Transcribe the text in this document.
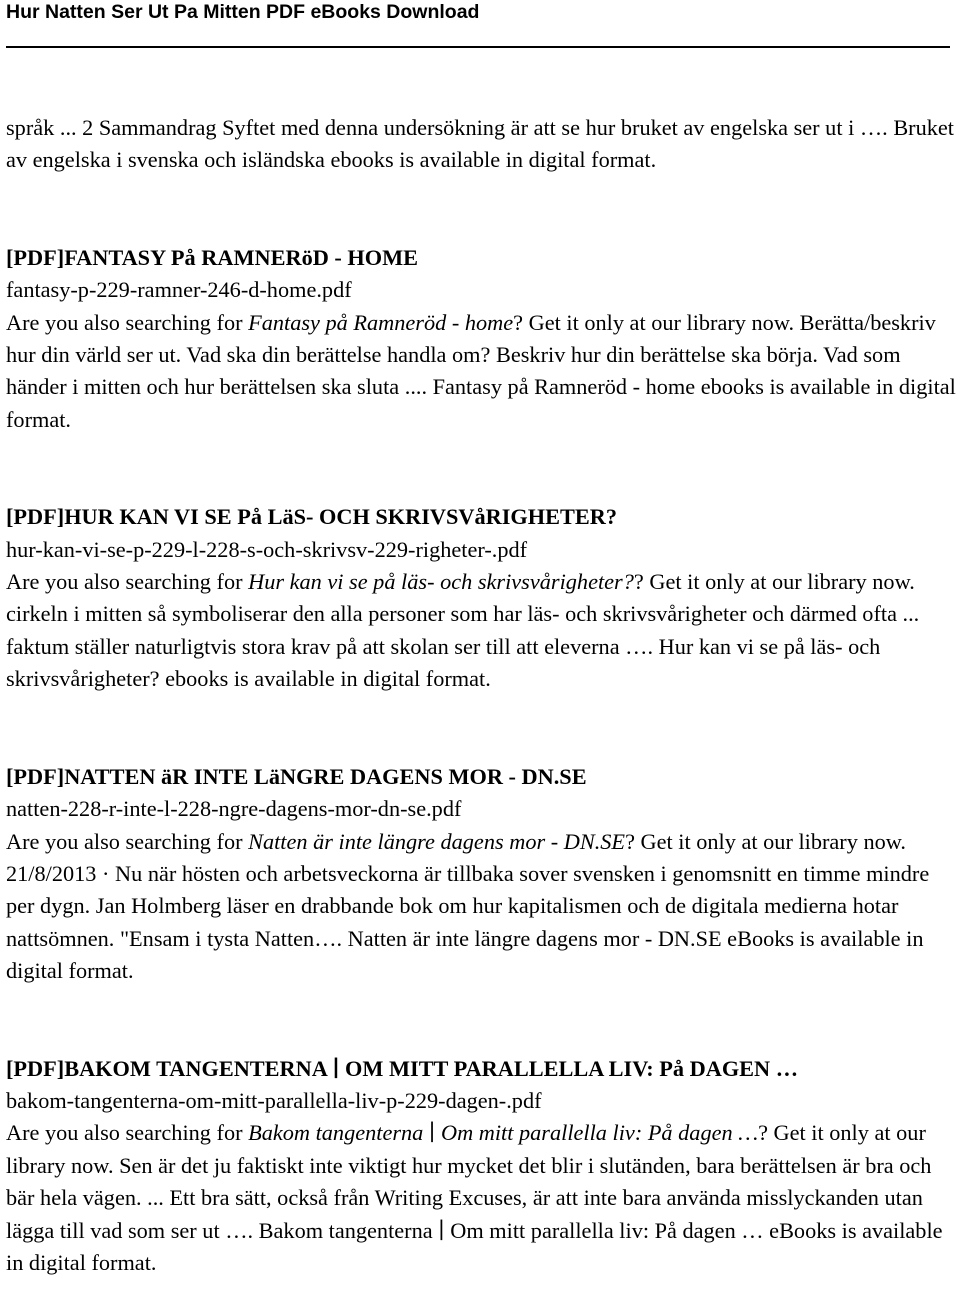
Hur Natten Ser Ut Pa Mitten PDF eBooks Download

språk ... 2 Sammandrag Syftet med denna undersökning är att se hur bruket av engelska ser ut i …. Bruket av engelska i svenska och isländska ebooks is available in digital format.

[PDF]FANTASY På RAMNERöD - HOME

fantasy-p-229-ramner-246-d-home.pdf

Are you also searching for Fantasy på Ramneröd - home? Get it only at our library now. Berätta/beskriv hur din värld ser ut. Vad ska din berättelse handla om? Beskriv hur din berättelse ska börja. Vad som händer i mitten och hur berättelsen ska sluta .... Fantasy på Ramneröd - home ebooks is available in digital format.

[PDF]HUR KAN VI SE På LäS- OCH SKRIVSVåRIGHETER?

hur-kan-vi-se-p-229-l-228-s-och-skrivsv-229-righeter-.pdf

Are you also searching for Hur kan vi se på läs- och skrivsvårigheter?? Get it only at our library now. cirkeln i mitten så symboliserar den alla personer som har läs- och skrivsvårigheter och därmed ofta ... faktum ställer naturligtvis stora krav på att skolan ser till att eleverna …. Hur kan vi se på läs- och skrivsvårigheter? ebooks is available in digital format.

[PDF]NATTEN äR INTE LäNGRE DAGENS MOR - DN.SE

natten-228-r-inte-l-228-ngre-dagens-mor-dn-se.pdf

Are you also searching for Natten är inte längre dagens mor - DN.SE? Get it only at our library now. 21/8/2013 · Nu när hösten och arbetsveckorna är tillbaka sover svensken i genomsnitt en timme mindre per dygn. Jan Holmberg läser en drabbande bok om hur kapitalismen och de digitala medierna hotar nattsömnen. "Ensam i tysta Natten…. Natten är inte längre dagens mor - DN.SE eBooks is available in digital format.

[PDF]BAKOM TANGENTERNA ∣ OM MITT PARALLELLA LIV: På DAGEN …

bakom-tangenterna-om-mitt-parallella-liv-p-229-dagen-.pdf

Are you also searching for Bakom tangenterna ∣ Om mitt parallella liv: På dagen …? Get it only at our library now. Sen är det ju faktiskt inte viktigt hur mycket det blir i slutänden, bara berättelsen är bra och bär hela vägen. ... Ett bra sätt, också från Writing Excuses, är att inte bara använda misslyckanden utan lägga till vad som ser ut …. Bakom tangenterna ∣ Om mitt parallella liv: På dagen … eBooks is available in digital format.
